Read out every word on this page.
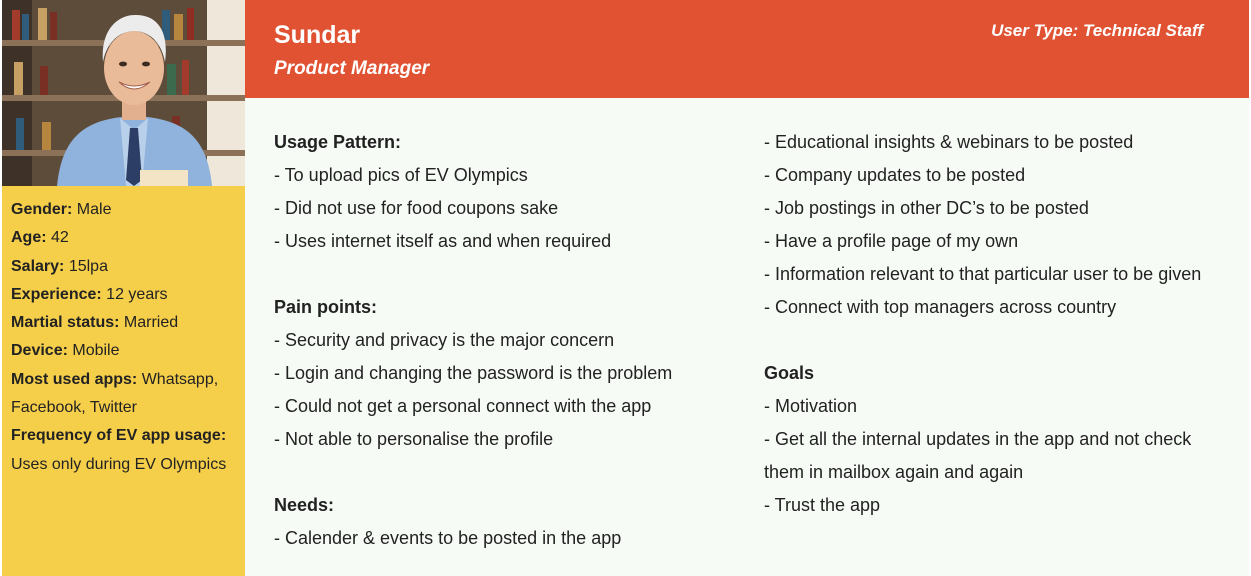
Gender: Male
Age: 42
Salary: 15lpa
Experience: 12 years
Martial status: Married
Device: Mobile
Most used apps: Whatsapp, Facebook, Twitter
Frequency of EV app usage:
Uses only during EV Olympics
Sundar
Product Manager
User Type: Technical Staff
Usage Pattern:
- To upload pics of EV Olympics
- Did not use for food coupons sake
- Uses internet itself as and when required
Pain points:
- Security and privacy is the major concern
- Login and changing the password is the problem
- Could not get a personal connect with the app
- Not able to personalise the profile
Needs:
- Calender & events to be posted in the app
- Educational insights & webinars to be posted
- Company updates to be posted
- Job postings in other DC’s to be posted
- Have a profile page of my own
- Information relevant to that particular user to be given
- Connect with top managers across country
Goals
- Motivation
- Get all the internal updates in the app and not check them in mailbox again and again
- Trust the app
